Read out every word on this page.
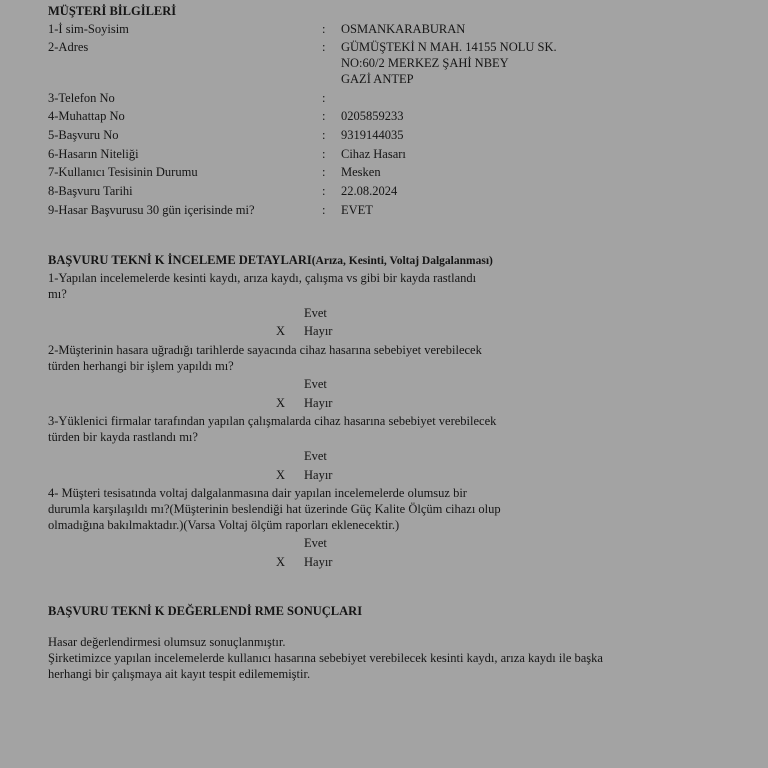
MÜŞTERİ BİLGİLERİ
1-İ sim-Soyisim	: OSMANKARABURAN
2-Adres	: GÜMÜŞTEKİ N MAH. 14155 NOLU SK.
NO:60/2 MERKEZ ŞAHİ NBEY
GAZİ ANTEP
3-Telefon No	:
4-Muhattap No	: 0205859233
5-Başvuru No	: 9319144035
6-Hasarın Niteliği	: Cihaz Hasarı
7-Kullanıcı Tesisinin Durumu	: Mesken
8-Başvuru Tarihi	: 22.08.2024
9-Hasar Başvurusu 30 gün içerisinde mi?	: EVET
BAŞVURU TEKNİ K İNCELEME DETAYLARI(Arıza, Kesinti, Voltaj Dalgalanması)
1-Yapılan incelemelerde kesinti kaydı, arıza kaydı, çalışma vs gibi bir kayda rastlandı
mı?
Evet
X Hayır
2-Müşterinin hasara uğradığı tarihlerde sayacında cihaz hasarına sebebiyet verebilecek
türden herhangi bir işlem yapıldı mı?
Evet
X Hayır
3-Yüklenici firmalar tarafından yapılan çalışmalarda cihaz hasarına sebebiyet verebilecek
türden bir kayda rastlandı mı?
Evet
X Hayır
4- Müşteri tesisatında voltaj dalgalanmasına dair yapılan incelemelerde olumsuz bir
durumla karşılaşıldı mı?(Müşterinin beslendiği hat üzerinde Güç Kalite Ölçüm cihazı olup
olmadığına bakılmaktadır.)(Varsa Voltaj ölçüm raporları eklenecektir.)
Evet
X Hayır
BAŞVURU TEKNİ K DEĞERLENDİ RME SONUÇLARI
Hasar değerlendirmesi olumsuz sonuçlanmıştır.
Şirketimizce yapılan incelemelerde kullanıcı hasarına sebebiyet verebilecek kesinti kaydı, arıza kaydı ile başka
herhangi bir çalışmaya ait kayıt tespit edilememiştir.
